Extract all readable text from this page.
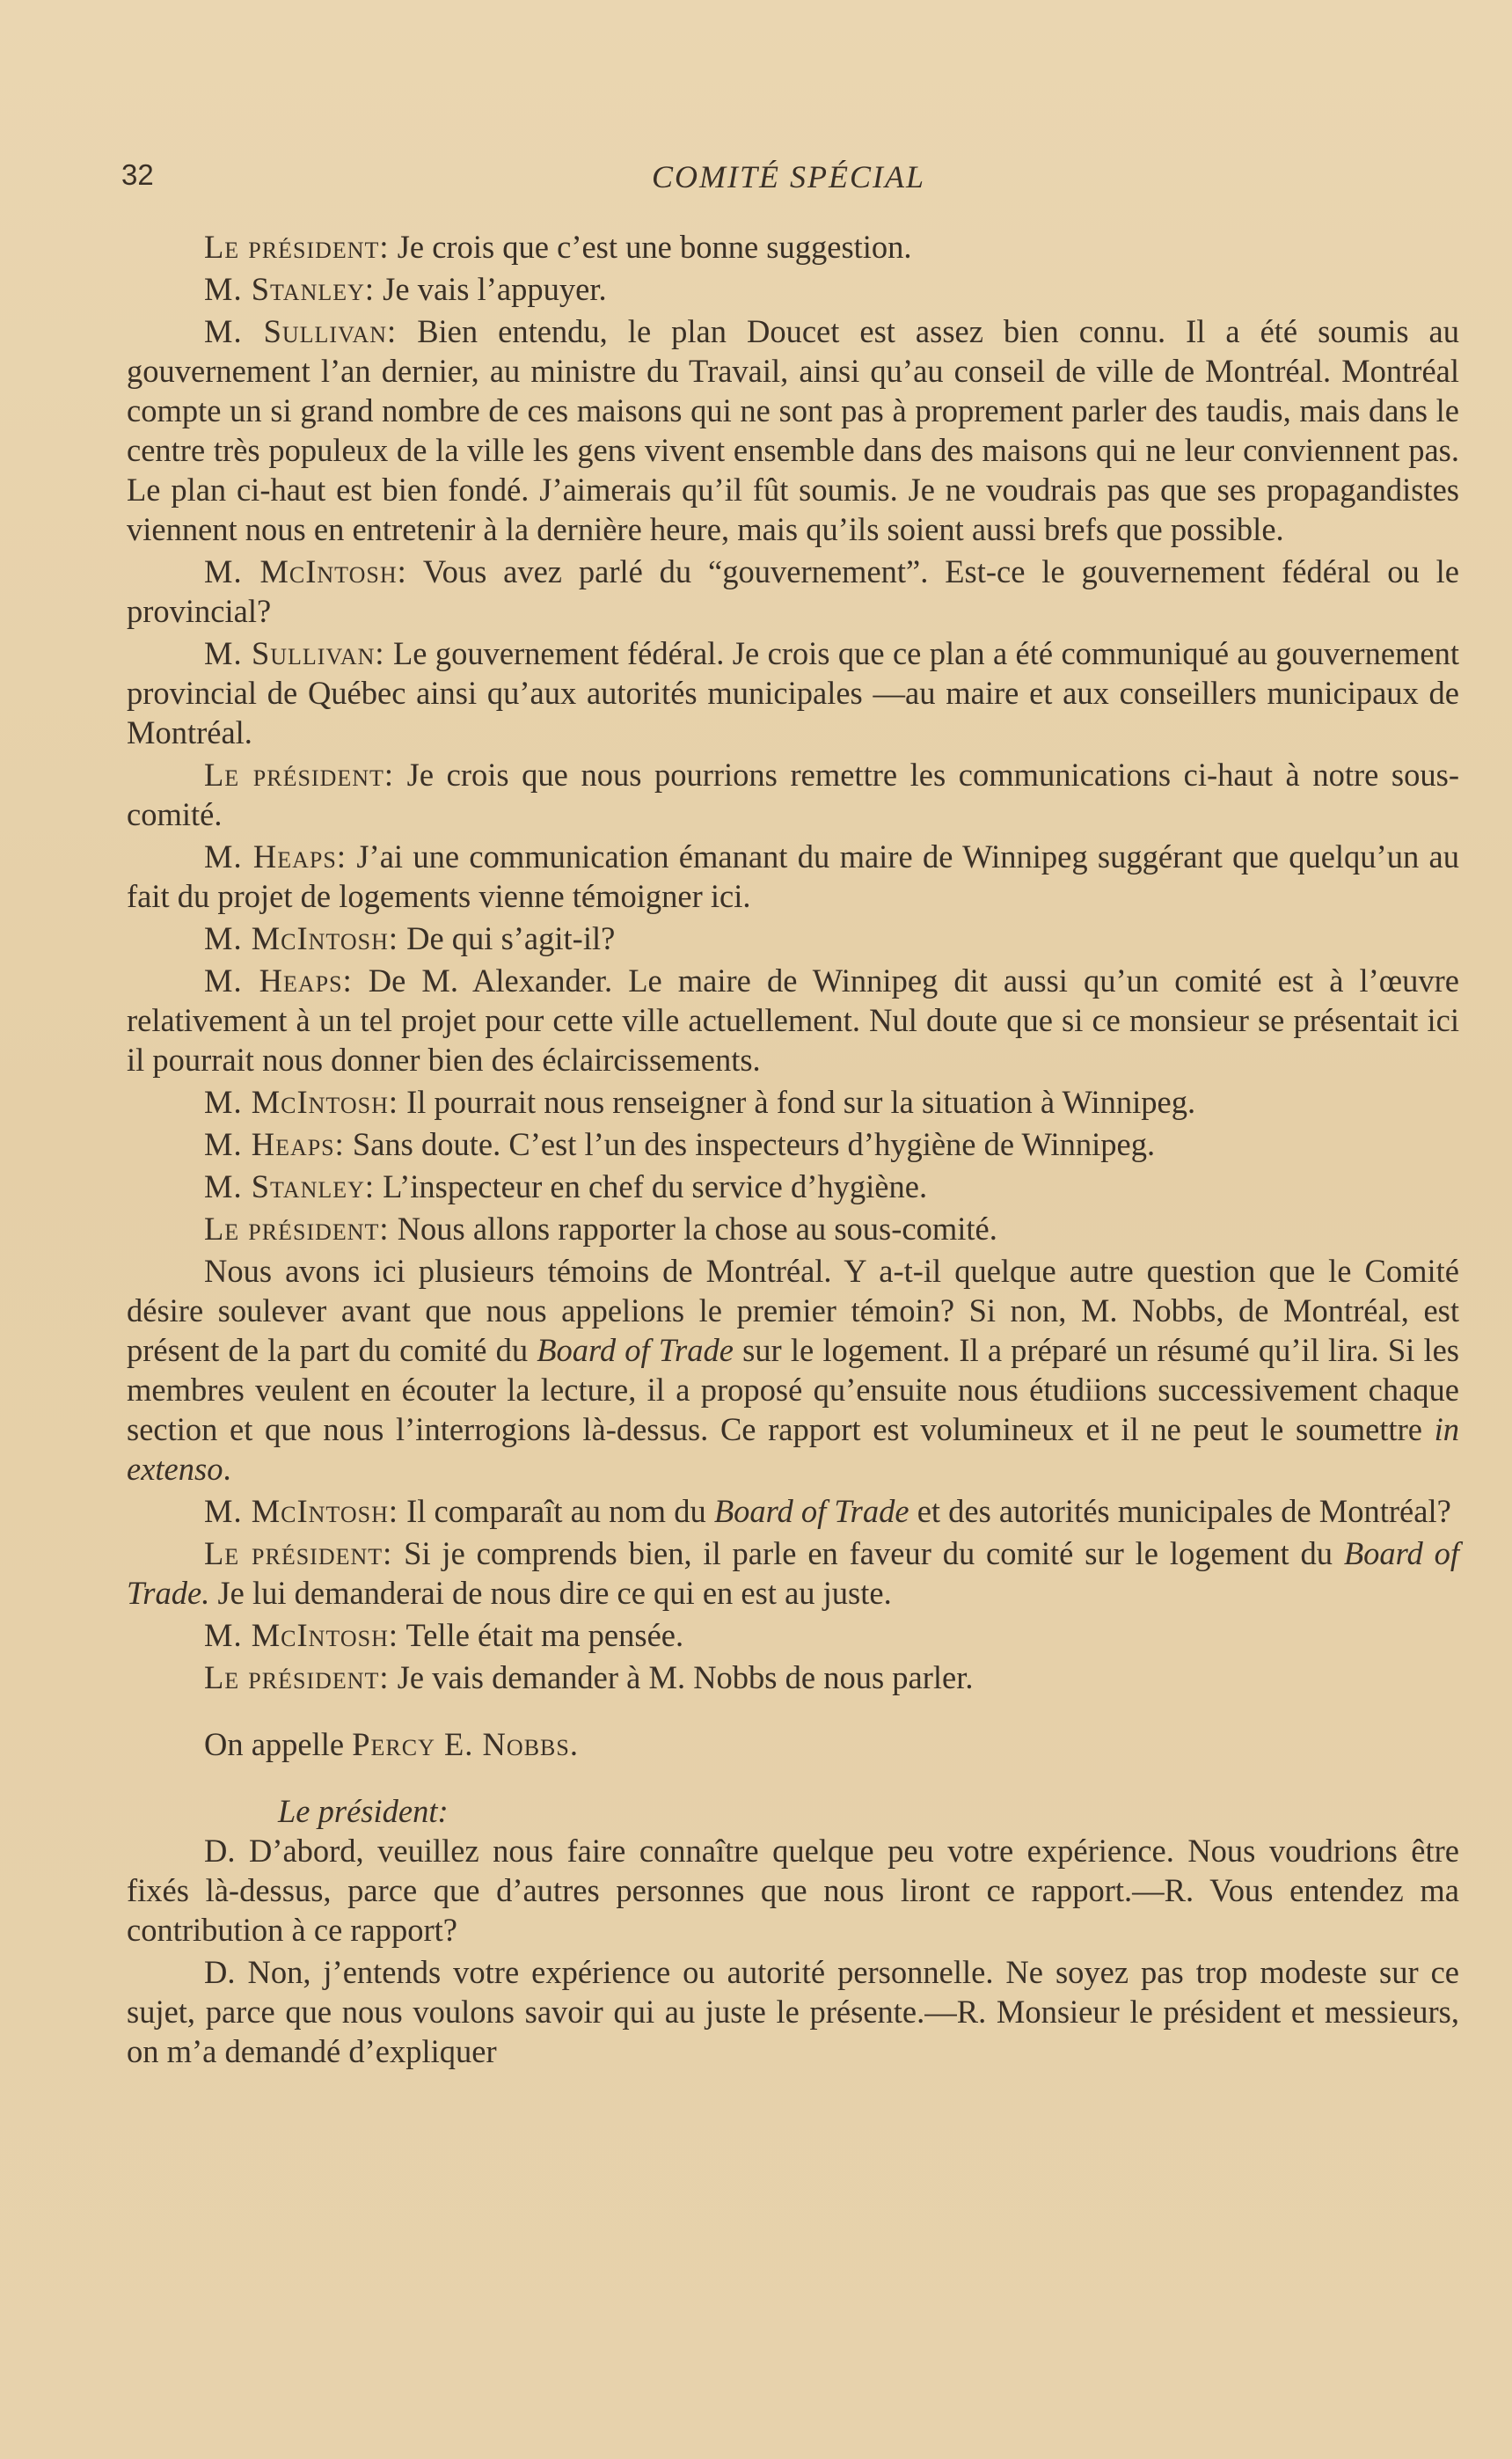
32	COMITÉ SPÉCIAL

Le président: Je crois que c’est une bonne suggestion.

M. Stanley: Je vais l’appuyer.

M. Sullivan: Bien entendu, le plan Doucet est assez bien connu. Il a été soumis au gouvernement l’an dernier, au ministre du Travail, ainsi qu’au conseil de ville de Montréal. Montréal compte un si grand nombre de ces maisons qui ne sont pas à proprement parler des taudis, mais dans le centre très populeux de la ville les gens vivent ensemble dans des maisons qui ne leur conviennent pas. Le plan ci-haut est bien fondé. J’aimerais qu’il fût soumis. Je ne voudrais pas que ses propagandistes viennent nous en entretenir à la dernière heure, mais qu’ils soient aussi brefs que possible.

M. McIntosh: Vous avez parlé du “gouvernement”. Est-ce le gouvernement fédéral ou le provincial?

M. Sullivan: Le gouvernement fédéral. Je crois que ce plan a été communiqué au gouvernement provincial de Québec ainsi qu’aux autorités municipales —au maire et aux conseillers municipaux de Montréal.

Le président: Je crois que nous pourrions remettre les communications ci-haut à notre sous-comité.

M. Heaps: J’ai une communication émanant du maire de Winnipeg suggérant que quelqu’un au fait du projet de logements vienne témoigner ici.

M. McIntosh: De qui s’agit-il?

M. Heaps: De M. Alexander. Le maire de Winnipeg dit aussi qu’un comité est à l’œuvre relativement à un tel projet pour cette ville actuellement. Nul doute que si ce monsieur se présentait ici il pourrait nous donner bien des éclaircissements.

M. McIntosh: Il pourrait nous renseigner à fond sur la situation à Winnipeg.

M. Heaps: Sans doute. C’est l’un des inspecteurs d’hygiène de Winnipeg.

M. Stanley: L’inspecteur en chef du service d’hygiène.

Le président: Nous allons rapporter la chose au sous-comité.

Nous avons ici plusieurs témoins de Montréal. Y a-t-il quelque autre question que le Comité désire soulever avant que nous appelions le premier témoin? Si non, M. Nobbs, de Montréal, est présent de la part du comité du Board of Trade sur le logement. Il a préparé un résumé qu’il lira. Si les membres veulent en écouter la lecture, il a proposé qu’ensuite nous étudiions successivement chaque section et que nous l’interrogions là-dessus. Ce rapport est volumineux et il ne peut le soumettre in extenso.

M. McIntosh: Il comparaît au nom du Board of Trade et des autorités municipales de Montréal?

Le président: Si je comprends bien, il parle en faveur du comité sur le logement du Board of Trade. Je lui demanderai de nous dire ce qui en est au juste.

M. McIntosh: Telle était ma pensée.

Le président: Je vais demander à M. Nobbs de nous parler.

On appelle Percy E. Nobbs.

Le président:

D. D’abord, veuillez nous faire connaître quelque peu votre expérience. Nous voudrions être fixés là-dessus, parce que d’autres personnes que nous liront ce rapport.—R. Vous entendez ma contribution à ce rapport?

D. Non, j’entends votre expérience ou autorité personnelle. Ne soyez pas trop modeste sur ce sujet, parce que nous voulons savoir qui au juste le présente.—R. Monsieur le président et messieurs, on m’a demandé d’expliquer
